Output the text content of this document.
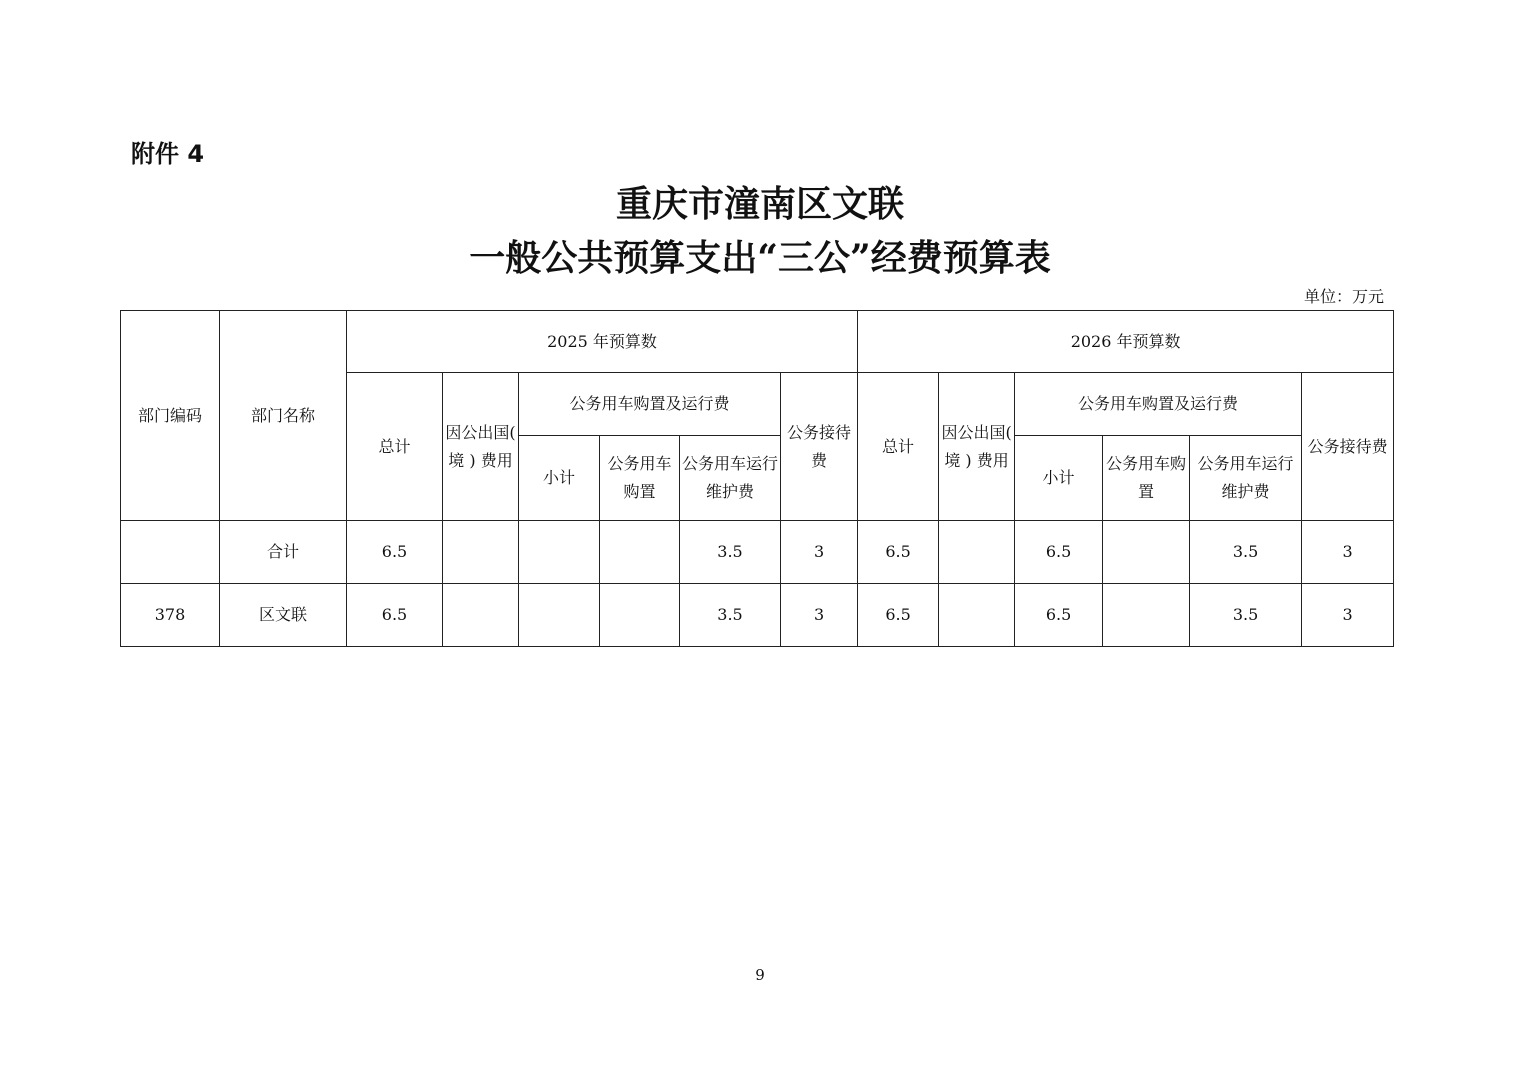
附件 4
重庆市潼南区文联
一般公共预算支出“三公”经费预算表
单位：万元
部门编码	部门名称	2025 年预算数						2026 年预算数					
		总计	因公出国( 境 ) 费用	公务用车购置及运行费			公务接待费	总计	因公出国( 境 ) 费用	公务用车购置及运行费			公务接待费
				小计	公务用车购置	公务用车运行维护费				小计	公务用车购置	公务用车运行维护费	
	合计	6.5				3.5	3	6.5		6.5		3.5	3
378	区文联	6.5				3.5	3	6.5		6.5		3.5	3
9
